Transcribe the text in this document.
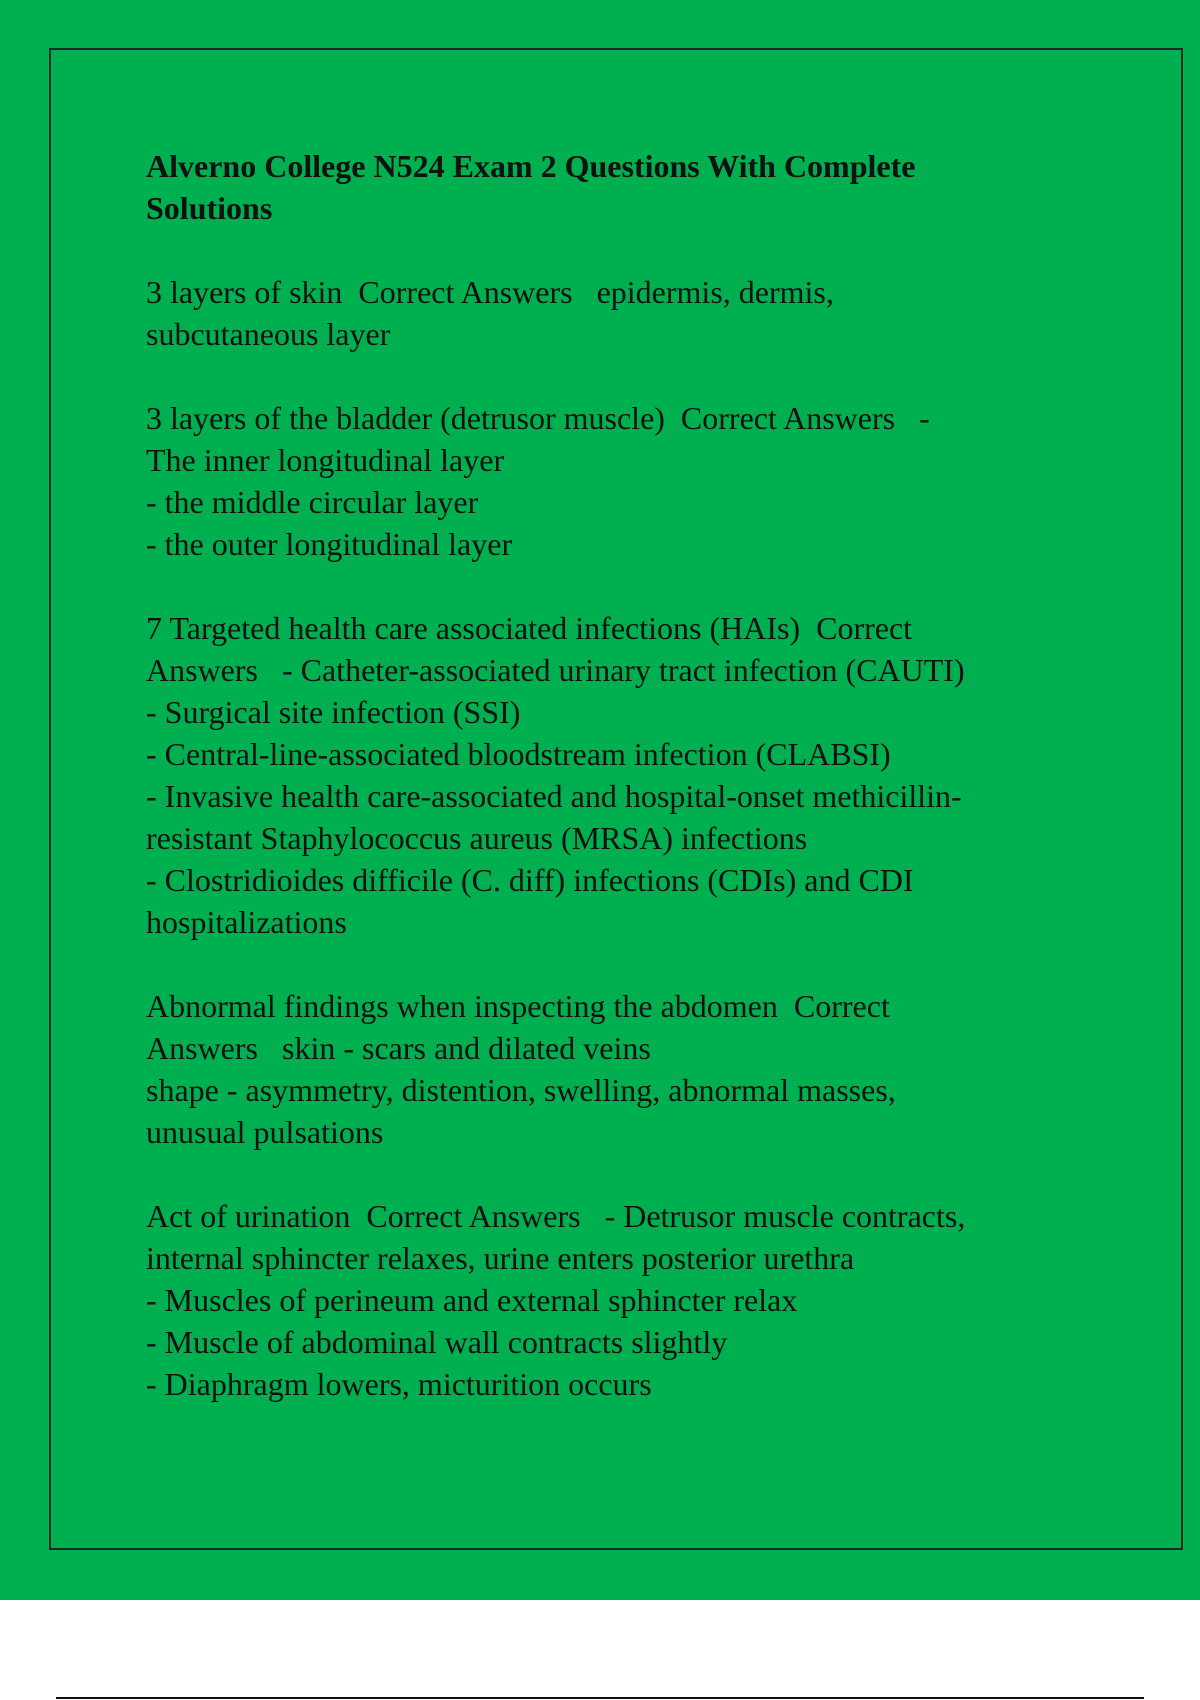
Alverno College N524 Exam 2 Questions With Complete
Solutions
3 layers of skin  Correct Answers   epidermis, dermis,
subcutaneous layer
3 layers of the bladder (detrusor muscle)  Correct Answers   -
The inner longitudinal layer
- the middle circular layer
- the outer longitudinal layer
7 Targeted health care associated infections (HAIs)  Correct
Answers   - Catheter-associated urinary tract infection (CAUTI)
- Surgical site infection (SSI)
- Central-line-associated bloodstream infection (CLABSI)
- Invasive health care-associated and hospital-onset methicillin-
resistant Staphylococcus aureus (MRSA) infections
- Clostridioides difficile (C. diff) infections (CDIs) and CDI
hospitalizations
Abnormal findings when inspecting the abdomen  Correct
Answers   skin - scars and dilated veins
shape - asymmetry, distention, swelling, abnormal masses,
unusual pulsations
Act of urination  Correct Answers   - Detrusor muscle contracts,
internal sphincter relaxes, urine enters posterior urethra
- Muscles of perineum and external sphincter relax
- Muscle of abdominal wall contracts slightly
- Diaphragm lowers, micturition occurs
